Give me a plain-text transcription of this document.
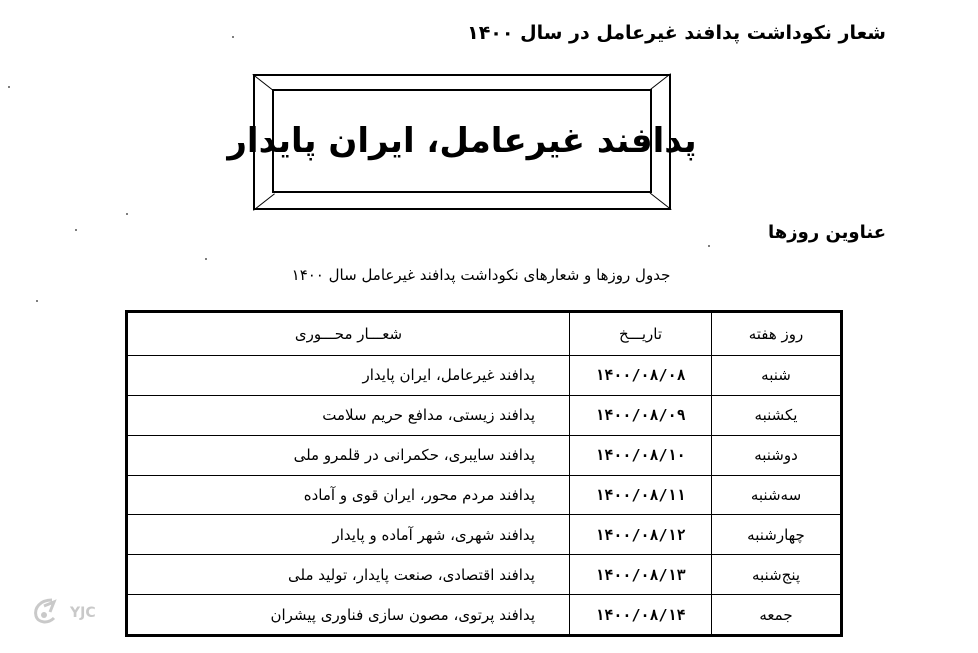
شعار نکوداشت پدافند غیرعامل در سال ۱۴۰۰
پدافند غیرعامل، ایران پایدار
عناوین روزها
جدول روزها و شعارهای نکوداشت پدافند غیرعامل سال ۱۴۰۰
روز هفته	تاریـــخ	شعـــار محـــوری
شنبه	۱۴۰۰/۰۸/۰۸	پدافند غیرعامل، ایران پایدار
یکشنبه	۱۴۰۰/۰۸/۰۹	پدافند زیستی، مدافع حریم سلامت
دوشنبه	۱۴۰۰/۰۸/۱۰	پدافند سایبری، حکمرانی در قلمرو ملی
سه‌شنبه	۱۴۰۰/۰۸/۱۱	پدافند مردم محور، ایران قوی و آماده
چهارشنبه	۱۴۰۰/۰۸/۱۲	پدافند شهری، شهر آماده و پایدار
پنج‌شنبه	۱۴۰۰/۰۸/۱۳	پدافند اقتصادی، صنعت پایدار، تولید ملی
جمعه	۱۴۰۰/۰۸/۱۴	پدافند پرتوی، مصون سازی فناوری پیشران
YJC
